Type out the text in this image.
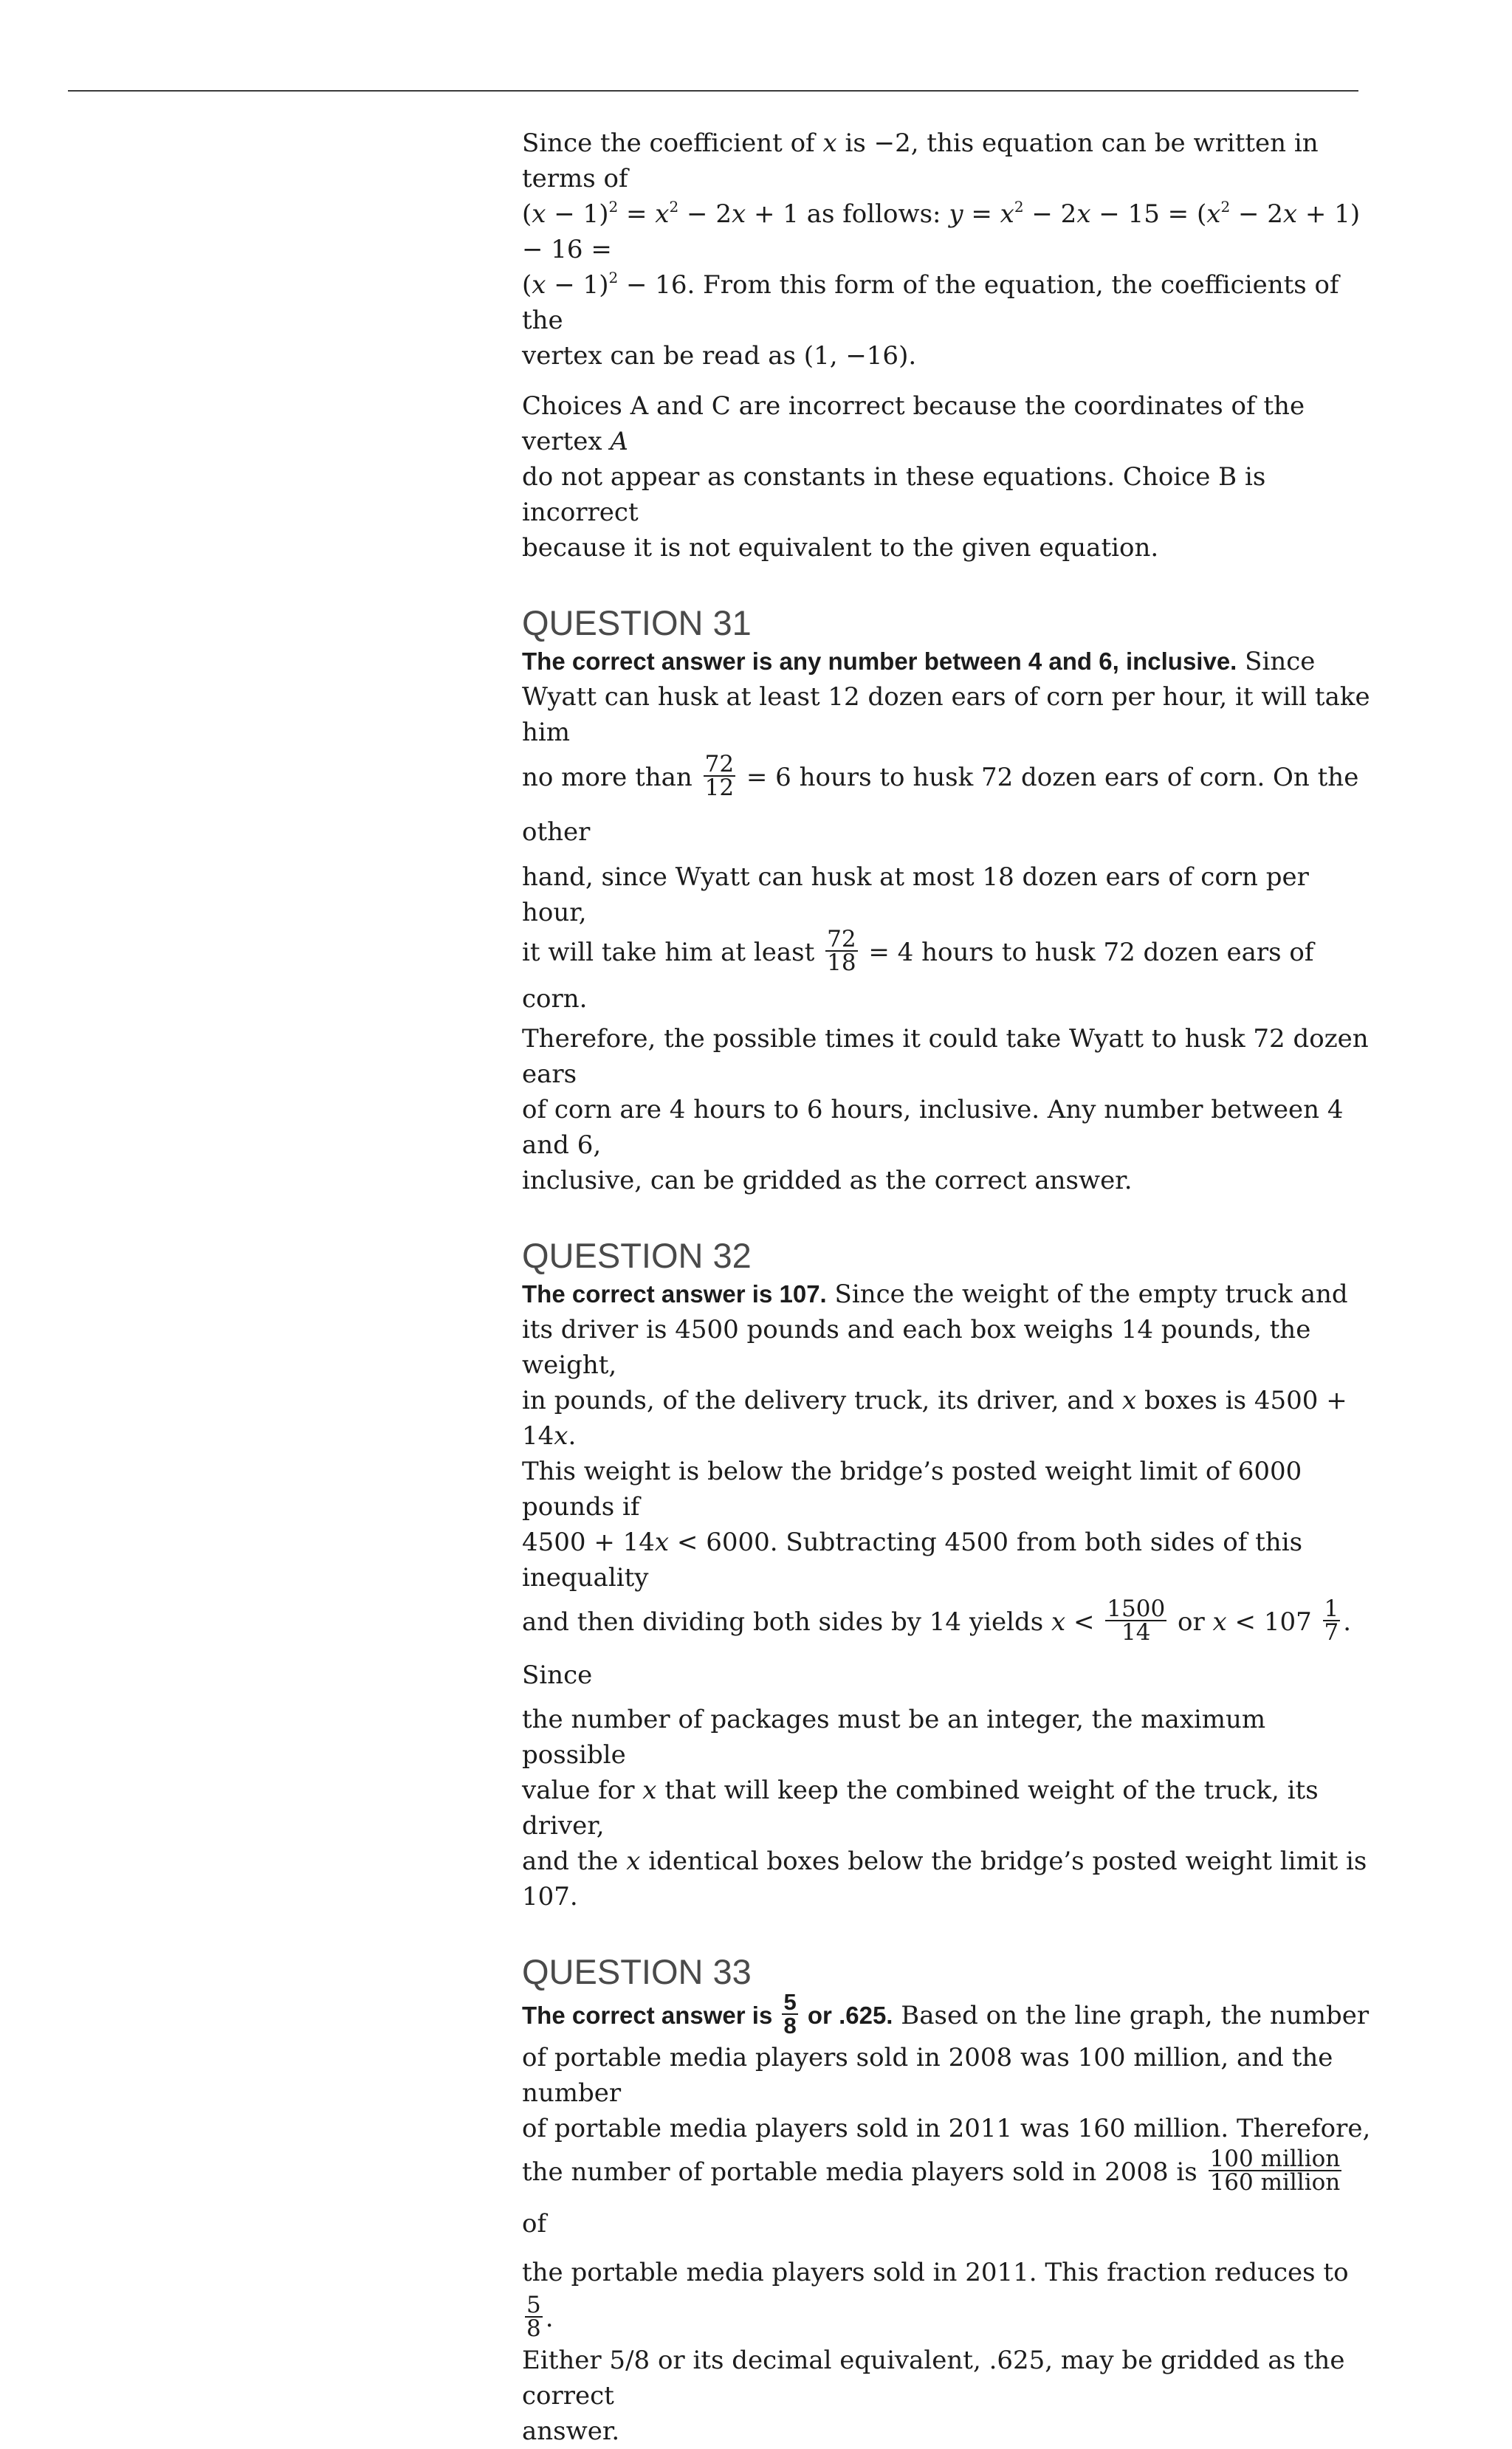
Since the coefficient of x is −2, this equation can be written in terms of
$(x - 1)^2 = x^2 - 2x + 1$ as follows: $y = x^2 - 2x - 15 = (x^2 - 2x + 1) - 16$ =
$(x - 1)^2 - 16$. From this form of the equation, the coefficients of the
vertex can be read as (1, −16).

Choices A and C are incorrect because the coordinates of the vertex A
do not appear as constants in these equations. Choice B is incorrect
because it is not equivalent to the given equation.

QUESTION 31

The correct answer is any number between 4 and 6, inclusive. Since
Wyatt can husk at least 12 dozen ears of corn per hour, it will take him

no more than $\frac{72}{12} = 6$ hours to husk 72 dozen ears of corn. On the other

hand, since Wyatt can husk at most 18 dozen ears of corn per hour,

it will take him at least $\frac{72}{18} = 4$ hours to husk 72 dozen ears of corn.

Therefore, the possible times it could take Wyatt to husk 72 dozen ears
of corn are 4 hours to 6 hours, inclusive. Any number between 4 and 6,
inclusive, can be gridded as the correct answer.

QUESTION 32

The correct answer is 107. Since the weight of the empty truck and
its driver is 4500 pounds and each box weighs 14 pounds, the weight,
in pounds, of the delivery truck, its driver, and x boxes is 4500 + 14x.
This weight is below the bridge’s posted weight limit of 6000 pounds if
4500 + 14x < 6000. Subtracting 4500 from both sides of this inequality

and then dividing both sides by 14 yields $x < \frac{1500}{14}$ or $x < 107 \frac{1}{7}$ . Since

the number of packages must be an integer, the maximum possible
value for x that will keep the combined weight of the truck, its driver,
and the x identical boxes below the bridge’s posted weight limit is 107.

QUESTION 33

The correct answer is $\frac{5}{8}$ or .625. Based on the line graph, the number

of portable media players sold in 2008 was 100 million, and the number
of portable media players sold in 2011 was 160 million. Therefore,

the number of portable media players sold in 2008 is $\frac{\text{100 million}}{\text{160 million}}$
of

the portable media players sold in 2011. This fraction reduces to
$\frac{5}{8}$ .

Either 5/8 or its decimal equivalent, .625, may be gridded as the correct
answer.
